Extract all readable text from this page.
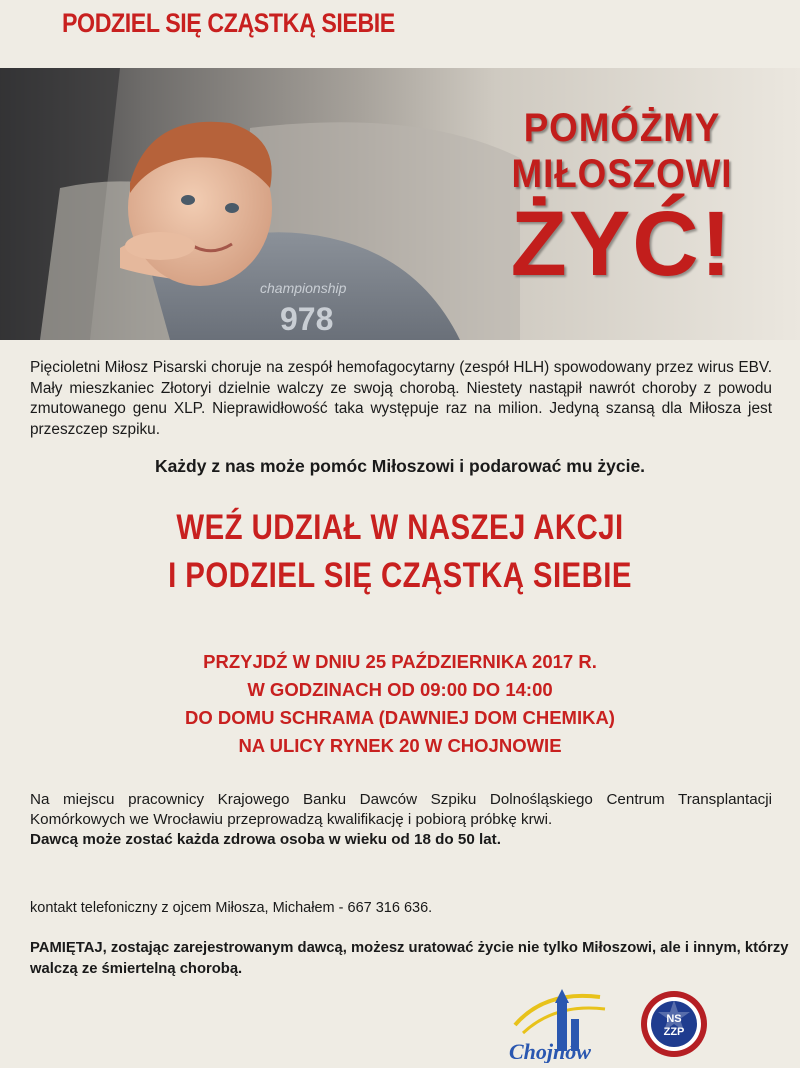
PODZIEL SIĘ CZĄSTKĄ SIEBIE
championship
978
POMÓŻMY
MIŁOSZOWI
ŻYĆ!
Pięcioletni Miłosz Pisarski choruje na zespół hemofagocytarny (zespół HLH) spowodowany przez wirus EBV. Mały mieszkaniec Złotoryi dzielnie walczy ze swoją chorobą. Niestety nastąpił nawrót choroby z powodu zmutowanego genu XLP. Nieprawidłowość taka występuje raz na milion. Jedyną szansą dla Miłosza jest przeszczep szpiku.
Każdy z nas może pomóc Miłoszowi i podarować mu życie.
WEŹ UDZIAŁ W NASZEJ AKCJI
I PODZIEL SIĘ CZĄSTKĄ SIEBIE
PRZYJDŹ W DNIU 25 PAŹDZIERNIKA 2017 R.
W GODZINACH OD 09:00 DO 14:00
DO DOMU SCHRAMA (DAWNIEJ DOM CHEMIKA)
NA ULICY RYNEK 20 W CHOJNOWIE
Na miejscu pracownicy Krajowego Banku Dawców Szpiku Dolnośląskiego Centrum Transplantacji Komórkowych we Wrocławiu przeprowadzą kwalifikację i pobiorą próbkę krwi.
Dawcą może zostać każda zdrowa osoba w wieku od 18 do 50 lat.
kontakt telefoniczny z ojcem Miłosza, Michałem - 667 316 636.
PAMIĘTAJ, zostając zarejestrowanym dawcą, możesz uratować życie nie tylko Miłoszowi, ale i innym, którzy walczą ze śmiertelną chorobą.
Chojnów
NS
ZZP
